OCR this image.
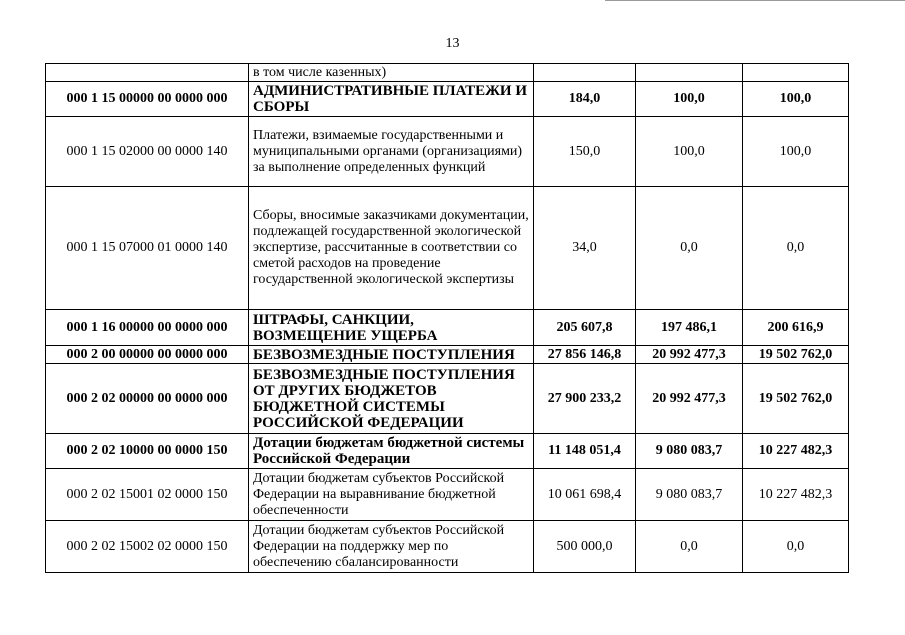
13
	в том числе казенных)			
000 1 15 00000 00 0000 000	АДМИНИСТРАТИВНЫЕ ПЛАТЕЖИ И СБОРЫ	184,0	100,0	100,0
000 1 15 02000 00 0000 140	Платежи, взимаемые государственными и муниципальными органами (организациями) за выполнение определенных функций	150,0	100,0	100,0
000 1 15 07000 01 0000 140	Сборы, вносимые заказчиками документации, подлежащей государственной экологической экспертизе, рассчитанные в соответствии со сметой расходов на проведение государственной экологической экспертизы	34,0	0,0	0,0
000 1 16 00000 00 0000 000	ШТРАФЫ, САНКЦИИ, ВОЗМЕЩЕНИЕ УЩЕРБА	205 607,8	197 486,1	200 616,9
000 2 00 00000 00 0000 000	БЕЗВОЗМЕЗДНЫЕ ПОСТУПЛЕНИЯ	27 856 146,8	20 992 477,3	19 502 762,0
000 2 02 00000 00 0000 000	БЕЗВОЗМЕЗДНЫЕ ПОСТУПЛЕНИЯ ОТ ДРУГИХ БЮДЖЕТОВ БЮДЖЕТНОЙ СИСТЕМЫ РОССИЙСКОЙ ФЕДЕРАЦИИ	27 900 233,2	20 992 477,3	19 502 762,0
000 2 02 10000 00 0000 150	Дотации бюджетам бюджетной системы Российской Федерации	11 148 051,4	9 080 083,7	10 227 482,3
000 2 02 15001 02 0000 150	Дотации бюджетам субъектов Российской Федерации на выравнивание бюджетной обеспеченности	10 061 698,4	9 080 083,7	10 227 482,3
000 2 02 15002 02 0000 150	Дотации бюджетам субъектов Российской Федерации на поддержку мер по обеспечению сбалансированности	500 000,0	0,0	0,0
